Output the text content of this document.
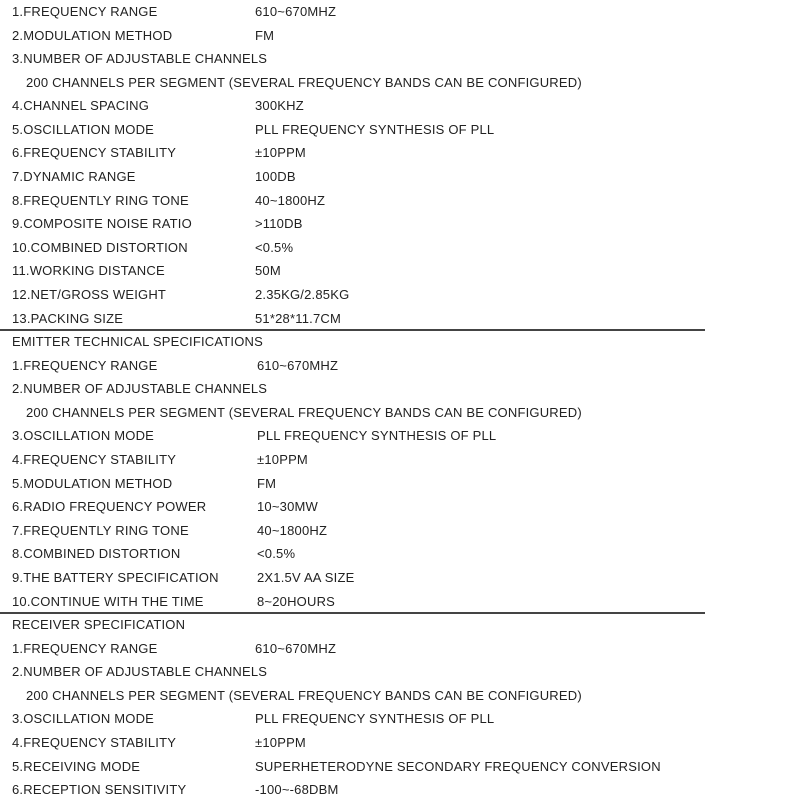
1.FREQUENCY RANGE	610~670MHZ
2.MODULATION METHOD	FM
3.NUMBER OF ADJUSTABLE CHANNELS
200 CHANNELS PER SEGMENT (SEVERAL FREQUENCY BANDS CAN BE CONFIGURED)
4.CHANNEL SPACING	300KHZ
5.OSCILLATION MODE	PLL FREQUENCY SYNTHESIS OF PLL
6.FREQUENCY STABILITY	±10PPM
7.DYNAMIC RANGE	100DB
8.FREQUENTLY RING TONE	40~1800HZ
9.COMPOSITE NOISE RATIO	>110DB
10.COMBINED DISTORTION	<0.5%
11.WORKING DISTANCE	50M
12.NET/GROSS WEIGHT	2.35KG/2.85KG
13.PACKING SIZE	51*28*11.7CM
EMITTER TECHNICAL SPECIFICATIONS
1.FREQUENCY RANGE	610~670MHZ
2.NUMBER OF ADJUSTABLE CHANNELS
200 CHANNELS PER SEGMENT (SEVERAL FREQUENCY BANDS CAN BE CONFIGURED)
3.OSCILLATION MODE	PLL FREQUENCY SYNTHESIS OF PLL
4.FREQUENCY STABILITY	±10PPM
5.MODULATION METHOD	FM
6.RADIO FREQUENCY POWER	10~30MW
7.FREQUENTLY RING TONE	40~1800HZ
8.COMBINED DISTORTION	<0.5%
9.THE BATTERY SPECIFICATION	2X1.5V AA SIZE
10.CONTINUE WITH THE TIME	8~20HOURS
RECEIVER SPECIFICATION
1.FREQUENCY RANGE	610~670MHZ
2.NUMBER OF ADJUSTABLE CHANNELS
200 CHANNELS PER SEGMENT (SEVERAL FREQUENCY BANDS CAN BE CONFIGURED)
3.OSCILLATION MODE	PLL FREQUENCY SYNTHESIS OF PLL
4.FREQUENCY STABILITY	±10PPM
5.RECEIVING MODE	SUPERHETERODYNE SECONDARY FREQUENCY CONVERSION
6.RECEPTION SENSITIVITY	-100~-68DBM
